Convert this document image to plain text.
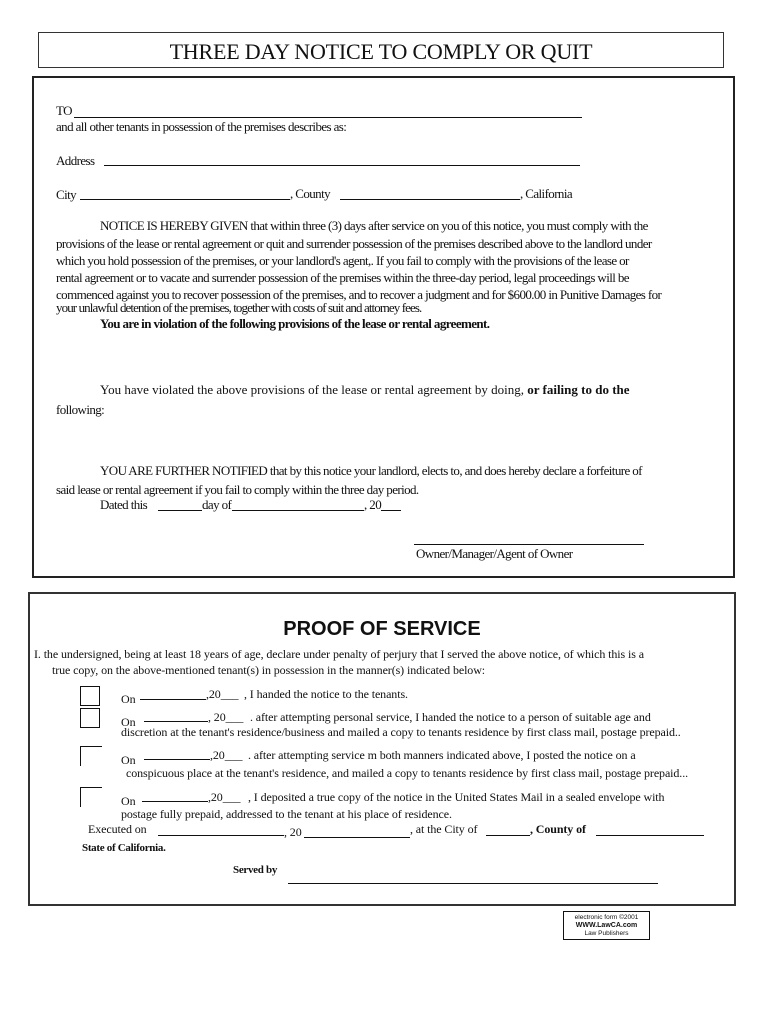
THREE DAY NOTICE TO COMPLY OR QUIT
TO
and all other tenants in possession of the premises describes as:
Address
City	, County	, California
NOTICE IS HEREBY GIVEN that within three (3) days after service on you of this notice, you must comply with the
provisions of the lease or rental agreement or quit and surrender possession of the premises described above to the landlord under
which you hold possession of the premises, or your landlord's agent,. If you fail to comply with the provisions of the lease or
rental agreement or to vacate and surrender possession of the premises within the three-day period, legal proceedings will be
commenced against you to recover possession of the premises, and to recover a judgment and for $600.00 in Punitive Damages for
your unlawful detention of the premises, together with costs of suit and attorney fees.
You are in violation of the following provisions of the lease or rental agreement.
You have violated the above provisions of the lease or rental agreement by doing, or failing to do the
following:
YOU ARE FURTHER NOTIFIED that by this notice your landlord, elects to, and does hereby declare a forfeiture of
said lease or rental agreement if you fail to comply within the three day period.
Dated this	day of	, 20
Owner/Manager/Agent of Owner
PROOF OF SERVICE
I. the undersigned, being at least 18 years of age, declare under penalty of perjury that I served the above notice, of which this is a
true copy, on the above-mentioned tenant(s) in possession in the manner(s) indicated below:
On	,20___ , I handed the notice to the tenants.
On	, 20___ . after attempting personal service, I handed the notice to a person of suitable age and
discretion at the tenant's residence/business and mailed a copy to tenants residence by first class mail, postage prepaid..
On	,20___ . after attempting service m both manners indicated above, I posted the notice on a
conspicuous place at the tenant's residence, and mailed a copy to tenants residence by first class mail, postage prepaid...
On	,20___ , I deposited a true copy of the notice in the United States Mail in a sealed envelope with
postage fully prepaid, addressed to the tenant at his place of residence.
Executed on	, 20	, at the City of	, County of
State of California.
Served by
electronic form ©2001
WWW.LawCA.com
Law Publishers
